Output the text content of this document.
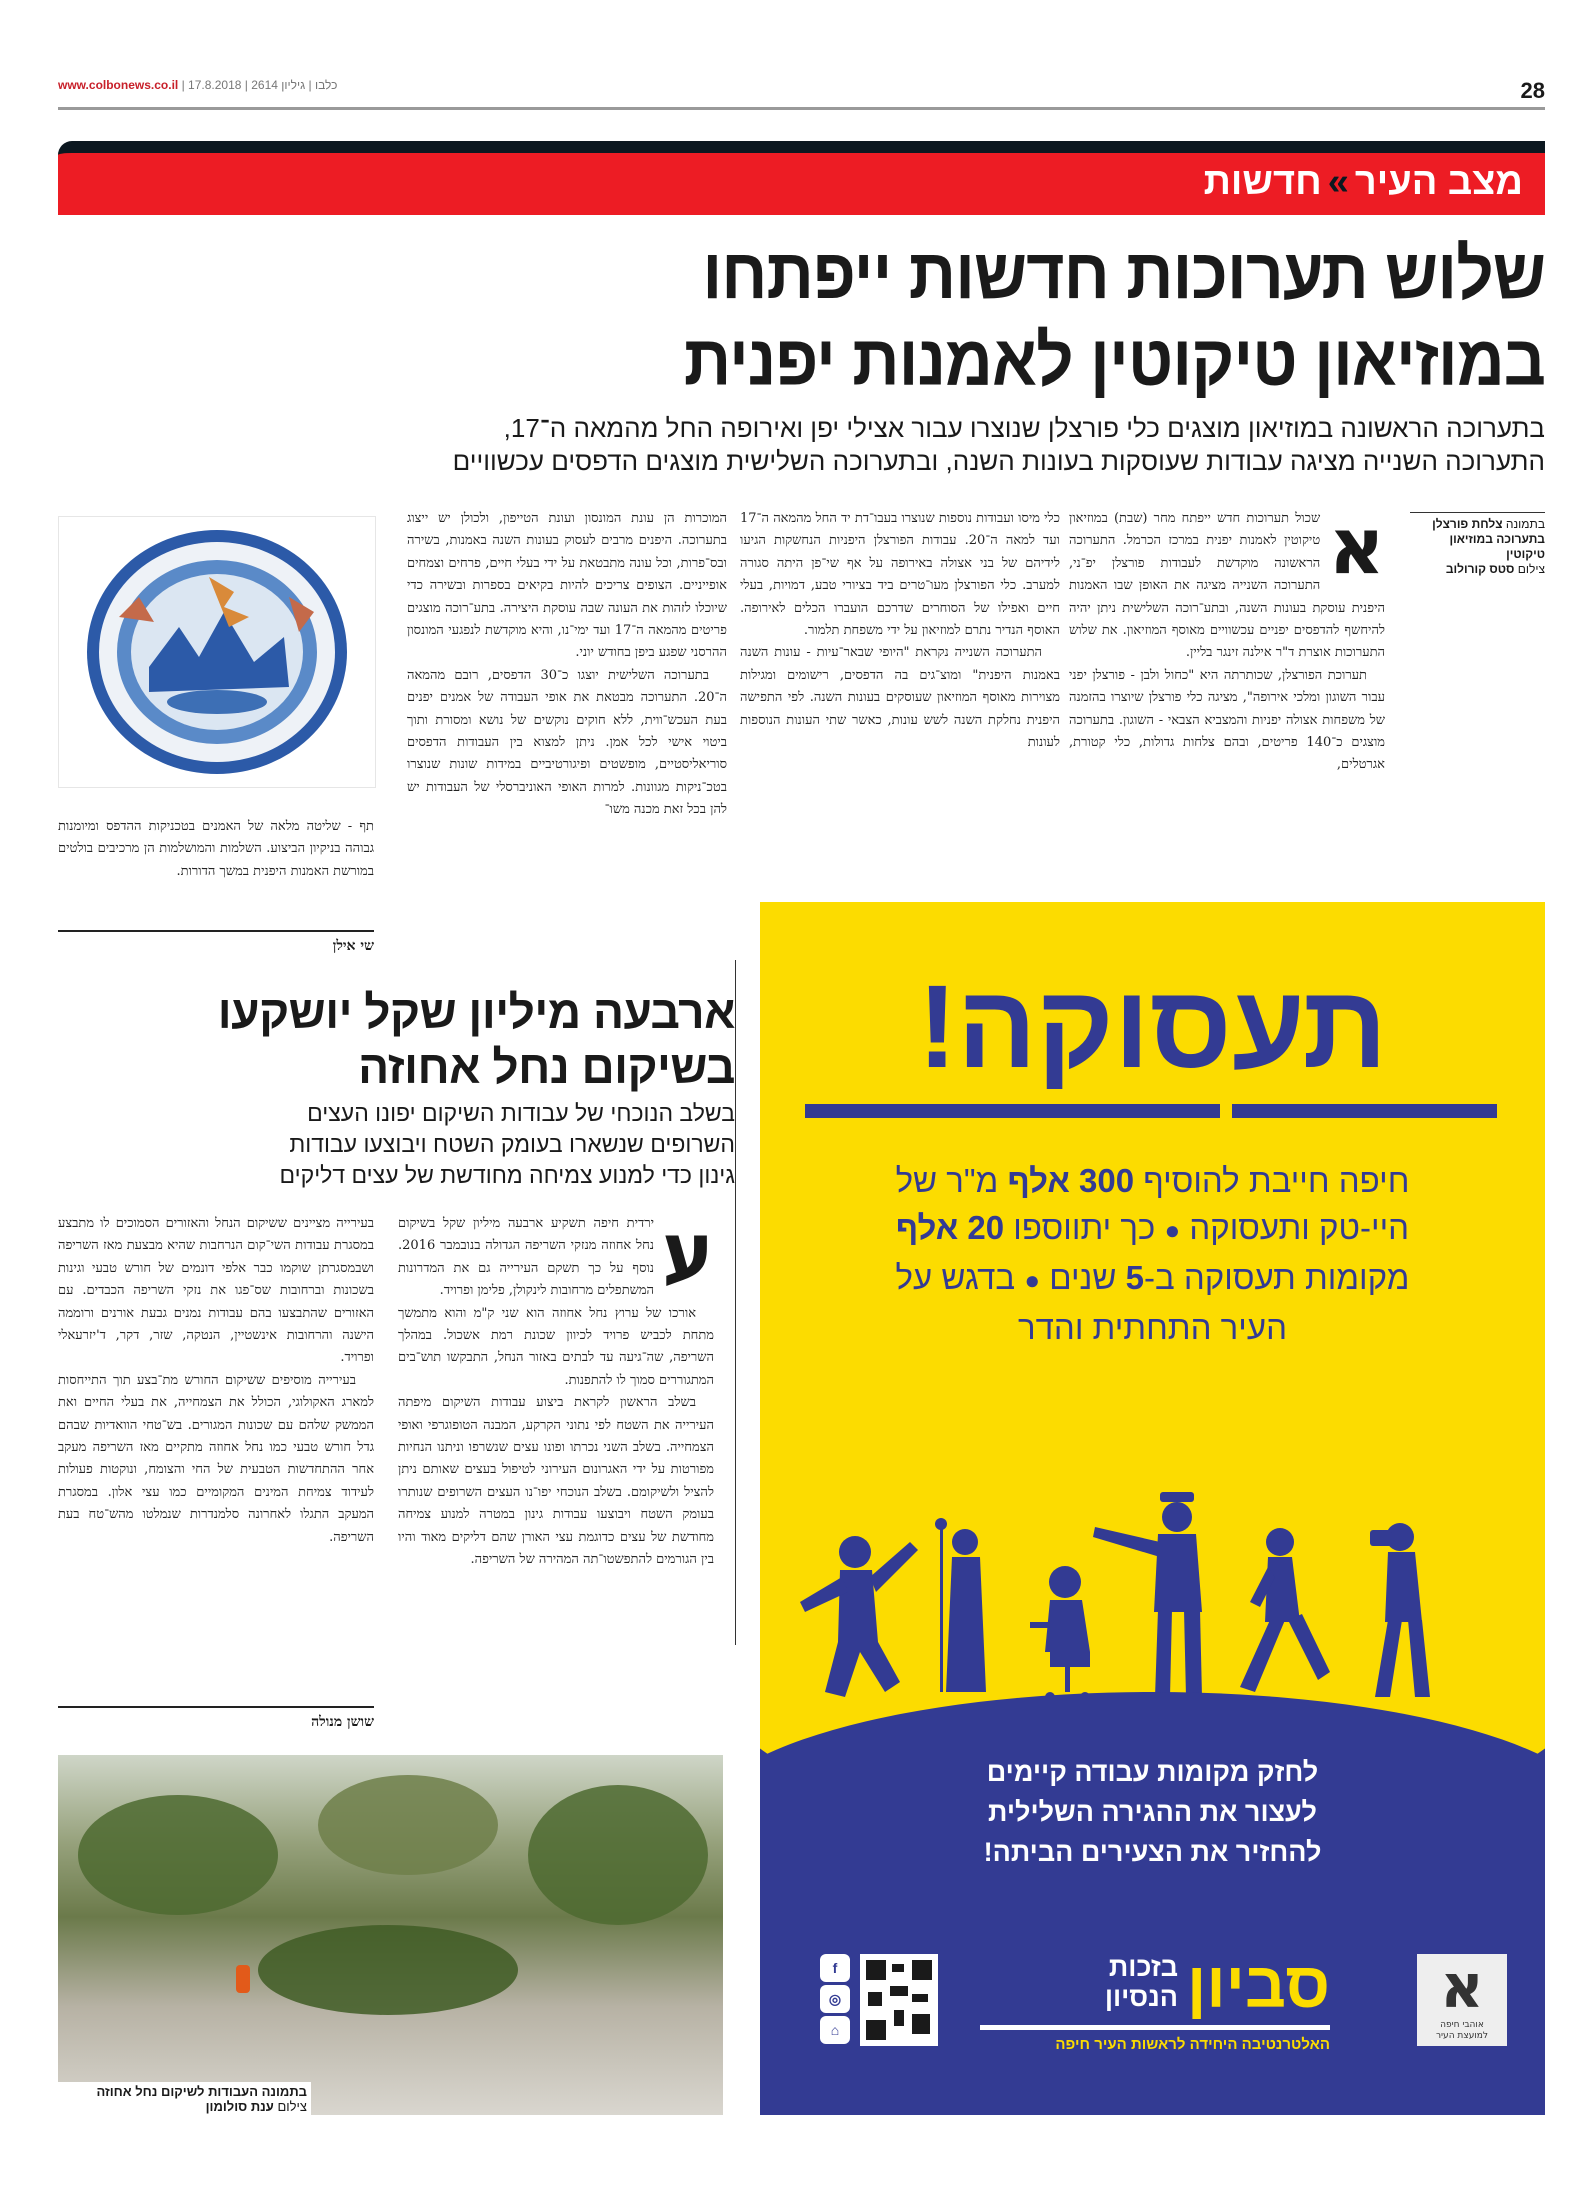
www.colbonews.co.il |	כלבו | גיליון 2614 | 17.8.2018	28
מצב העיר»חדשות
שלוש תערוכות חדשות ייפתחו
במוזיאון טיקוטין לאמנות יפנית
בתערוכה הראשונה במוזיאון מוצגים כלי פורצלן שנוצרו עבור אצילי יפן ואירופה החל מהמאה ה־17,
התערוכה השנייה מציגה עבודות שעוסקות בעונות השנה, ובתערוכה השלישית מוצגים הדפסים עכשוויים
בתמונה צלחת פורצלן בתערוכה במוזיאון טיקוטין
צילום סטס קורולוב
א

שכול תערוכות חדש ייפתח מחר (שבת) במוזיאון טיקוטין לאמנות יפנית במרכז הכרמל. התערוכה הראשונה מוקדשת לעבודות פורצלן יפ־ני, התערוכה השנייה מציגה את האופן שבו האמנות היפנית עוסקת בעונות השנה, ובתע־רוכה השלישית ניתן יהיה להיחשף להדפסים יפניים עכשוויים מאוסף המוזיאון. את שלוש התערוכות אוצרת ד"ר אילנה זינגר בליין.

תערוכת הפורצלן, שכותרתה היא "כחול ולבן - פורצלן יפני עבור השוגון ומלכי אירופה", מציגה כלי פורצלן שיוצרו בהזמנה של משפחות אצולה יפניות והמצביא הצבאי - השוגון. בתערוכה מוצגים כ־140 פריטים, ובהם צלחות גדולות, כלי קטורת, אגרטלים,

כלי מיסו ועבודות נוספות שנוצרו בעבו־דת יד החל מהמאה ה־17 ועד למאה ה־20. עבודות הפורצלן היפניות הנחשקות הגיעו לידיהם של בני אצולה באירופה על אף שי־פן היתה סגורה למערב. כלי הפורצלן מעו־טרים ביד בציורי טבע, דמויות, בעלי חיים ואפילו של הסוחרים שדרכם הועברו הכלים לאירופה. האוסף הנדיר נתרם למוזיאון על ידי משפחת תלמור.

התערוכה השנייה נקראת "היופי שבאר־עיות - עונות השנה באמנות היפנית" ומוצ־גים בה הדפסים, רישומים ומגילות מצוירות מאוסף המוזיאון שעוסקים בעונות השנה. לפי התפישה היפנית נחלקת השנה לשש עונות, כאשר שתי העונות הנוספות לעונות

המוכרות הן עונת המונסון ועונת הטייפון, ולכולן יש ייצוג בתערוכה. היפנים מרבים לעסוק בעונות השנה באמנות, בשירה ובס־פרות, וכל עונה מתבטאת על ידי בעלי חיים, פרחים וצמחים אופייניים. הצופים צריכים להיות בקיאים בספרות ובשירה כדי שיוכלו לזהות את העונה שבה עוסקת היצירה. בתע־רוכה מוצגים פריטים מהמאה ה־17 ועד ימי־נו, והיא מוקדשת לנפגעי המונסון ההרסני שפגע ביפן בחודש יוני.

בתערוכה השלישית יוצגו כ־30 הדפסים, רובם מהמאה ה־20. התערוכה מבטאת את אופי העבודה של אמנים יפנים בעת העכש־ווית, ללא חוקים נוקשים של נושא ומסורת ותוך ביטוי אישי לכל אמן. ניתן למצוא בין העבודות הדפסים סוריאליסטיים, מופשטים ופיגורטיביים במידות שונות שנוצרו בטכ־ניקות מגוונות. למרות האופי האוניברסלי של העבודות יש להן בכל זאת מכנה משו־

תף - שליטה מלאה של האמנים בטכניקות ההדפס ומיומנות גבוהה בניקיון הביצוע. השלמות והמושלמות הן מרכיבים בולטים במורשת האמנות היפנית במשך הדורות.

שי אילן
ארבעה מיליון שקל יושקעו
בשיקום נחל אחוזה
בשלב הנוכחי של עבודות השיקום יפונו העצים
השרופים שנשארו בעומק השטח ויבוצעו עבודות
גינון כדי למנוע צמיחה מחודשת של עצים דליקים
ע

ירדית חיפה תשקיע ארבעה מיליון שקל בשיקום נחל אחוזה מנזקי השריפה הגדולה בנובמבר 2016. נוסף על כך תשקם העירייה גם את המדרונות המשתפלים מרחובות לינקולן, פלימן ופרויד.

אורכו של ערוץ נחל אחוזה הוא שני ק"מ והוא מתמשך מתחת לכביש פרויד לכיוון שכונת רמת אשכול. במהלך השריפה, שה־גיעה עד לבתים באזור הנחל, התבקשו תוש־בים המתגוררים סמוך לו להתפנות.

בשלב הראשון לקראת ביצוע עבודות השיקום מיפתה העירייה את השטח לפי נתוני הקרקע, המבנה הטופוגרפי ואופי הצמחייה. בשלב השני נכרתו ופונו עצים שנשרפו וניתנו הנחיות מפורטות על ידי האגרונום העירוני לטיפול בעצים שאותם ניתן להציל ולשיקומם. בשלב הנוכחי יפו־נו העצים השרופים שנותרו בעומק השטח ויבוצעו עבודות גינון במטרה למנוע צמיחה מחודשת של עצים כדוגמת עצי האורן שהם דליקים מאוד והיו בין הגורמים להתפשטו־תה המהירה של השריפה.

בעירייה מציינים ששיקום הנחל והאזורים הסמוכים לו מתבצע במסגרת עבודות השי־קום הנרחבות שהיא מבצעת מאז השריפה ושבמסגרתן שוקמו כבר אלפי דונמים של חורש טבעי וגינות בשכונות וברחובות שס־פגו את נזקי השריפה הכבדים. עם האזורים שהתבצעו בהם עבודות נמנים גבעת אורנים ורוממה הישנה והרחובות אינשטיין, הנטקה, שזר, דקר, ד'יזרעאלי ופרויד.

בעירייה מוסיפים ששיקום החורש מת־בצע תוך התייחסות למארג האקולוגי, הכולל את הצמחייה, את בעלי החיים ואת הממשק שלהם עם שכונות המגורים. בש־טחי הוואדיות שבהם גדל חורש טבעי כמו נחל אחוזה מתקיים מאז השריפה מעקב אחר ההתחדשות הטבעית של החי והצומח, ונוקטות פעולות לעידוד צמיחת המינים המקומיים כמו עצי אלון. במסגרת המעקב התגלו לאחרונה סלמנדרות שנמלטו מהש־טח בעת השריפה.

שושן מנולה
בתמונה העבודות לשיקום נחל אחוזה
צילום ענת סולומון
תעסוקה!
חיפה חייבת להוסיף 300 אלף מ"ר של
היי-טק ותעסוקה ● כך יתווספו 20 אלף
מקומות תעסוקה ב-5 שנים ● בדגש על
העיר התחתית והדר
לחזק מקומות עבודה קיימים
לעצור את ההגירה השלילית
להחזיר את הצעירים הביתה!
א
אוהבי חיפה
למועצת העיר
סביון
בזכות
הנסיון
האלטרנטיבה היחידה לראשות העיר חיפה
f
◎
⌂
